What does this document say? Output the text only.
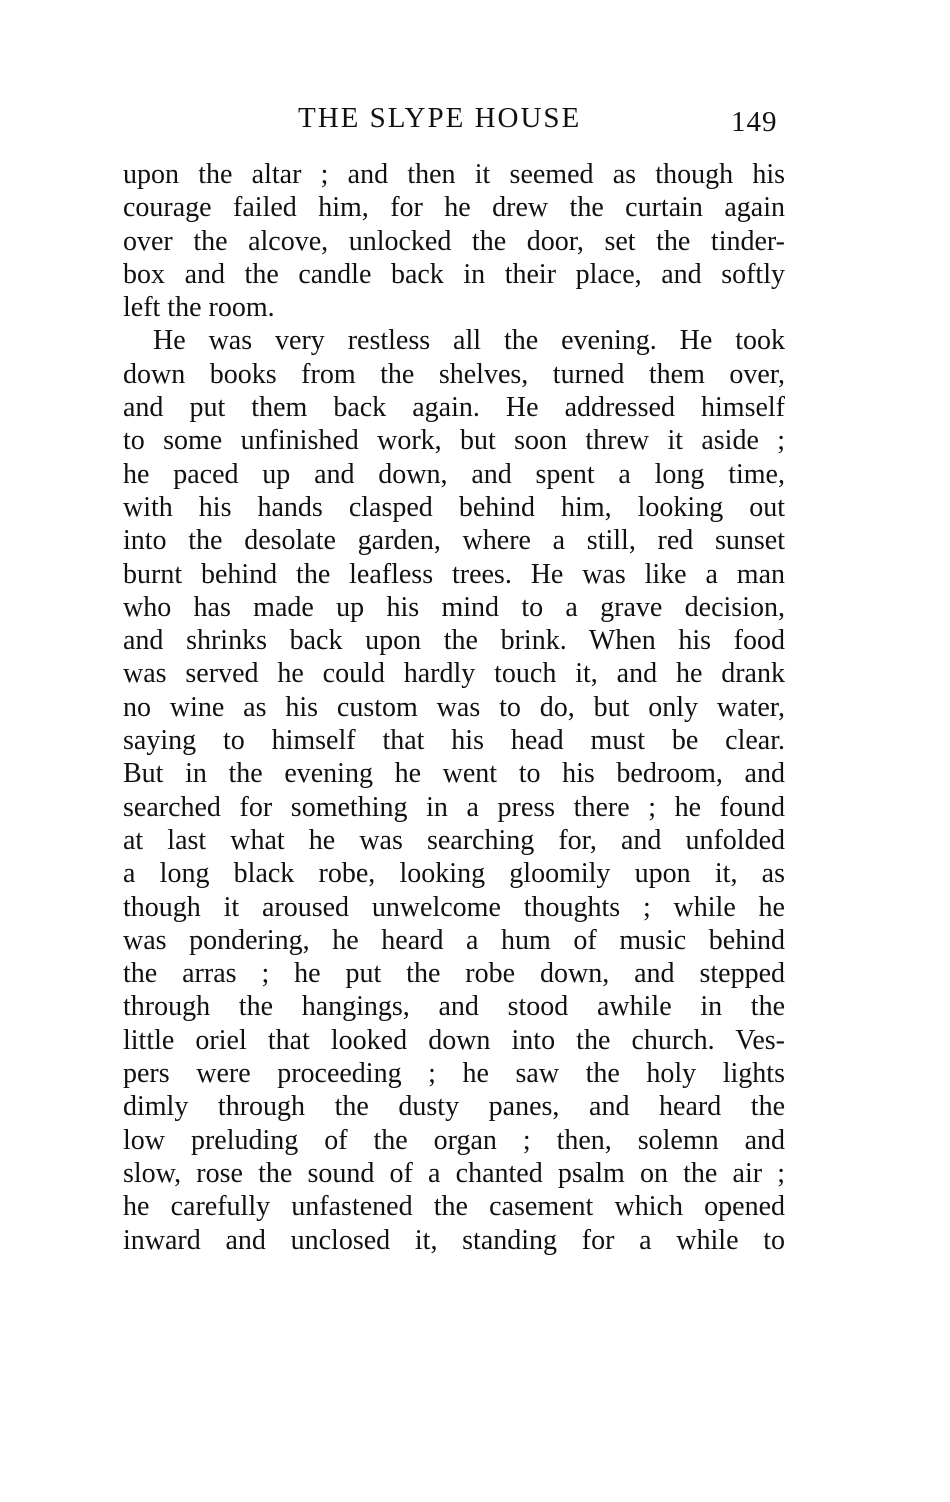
THE SLYPE HOUSE	149
upon the altar ; and then it seemed as though his
courage failed him, for he drew the curtain again
over the alcove, unlocked the door, set the tinder-
box and the candle back in their place, and softly
left the room.
He was very restless all the evening. He took
down books from the shelves, turned them over,
and put them back again. He addressed himself
to some unfinished work, but soon threw it aside ;
he paced up and down, and spent a long time,
with his hands clasped behind him, looking out
into the desolate garden, where a still, red sunset
burnt behind the leafless trees. He was like a man
who has made up his mind to a grave decision,
and shrinks back upon the brink. When his food
was served he could hardly touch it, and he drank
no wine as his custom was to do, but only water,
saying to himself that his head must be clear.
But in the evening he went to his bedroom, and
searched for something in a press there ; he found
at last what he was searching for, and unfolded
a long black robe, looking gloomily upon it, as
though it aroused unwelcome thoughts ; while he
was pondering, he heard a hum of music behind
the arras ; he put the robe down, and stepped
through the hangings, and stood awhile in the
little oriel that looked down into the church. Ves-
pers were proceeding ; he saw the holy lights
dimly through the dusty panes, and heard the
low preluding of the organ ; then, solemn and
slow, rose the sound of a chanted psalm on the air ;
he carefully unfastened the casement which opened
inward and unclosed it, standing for a while to
